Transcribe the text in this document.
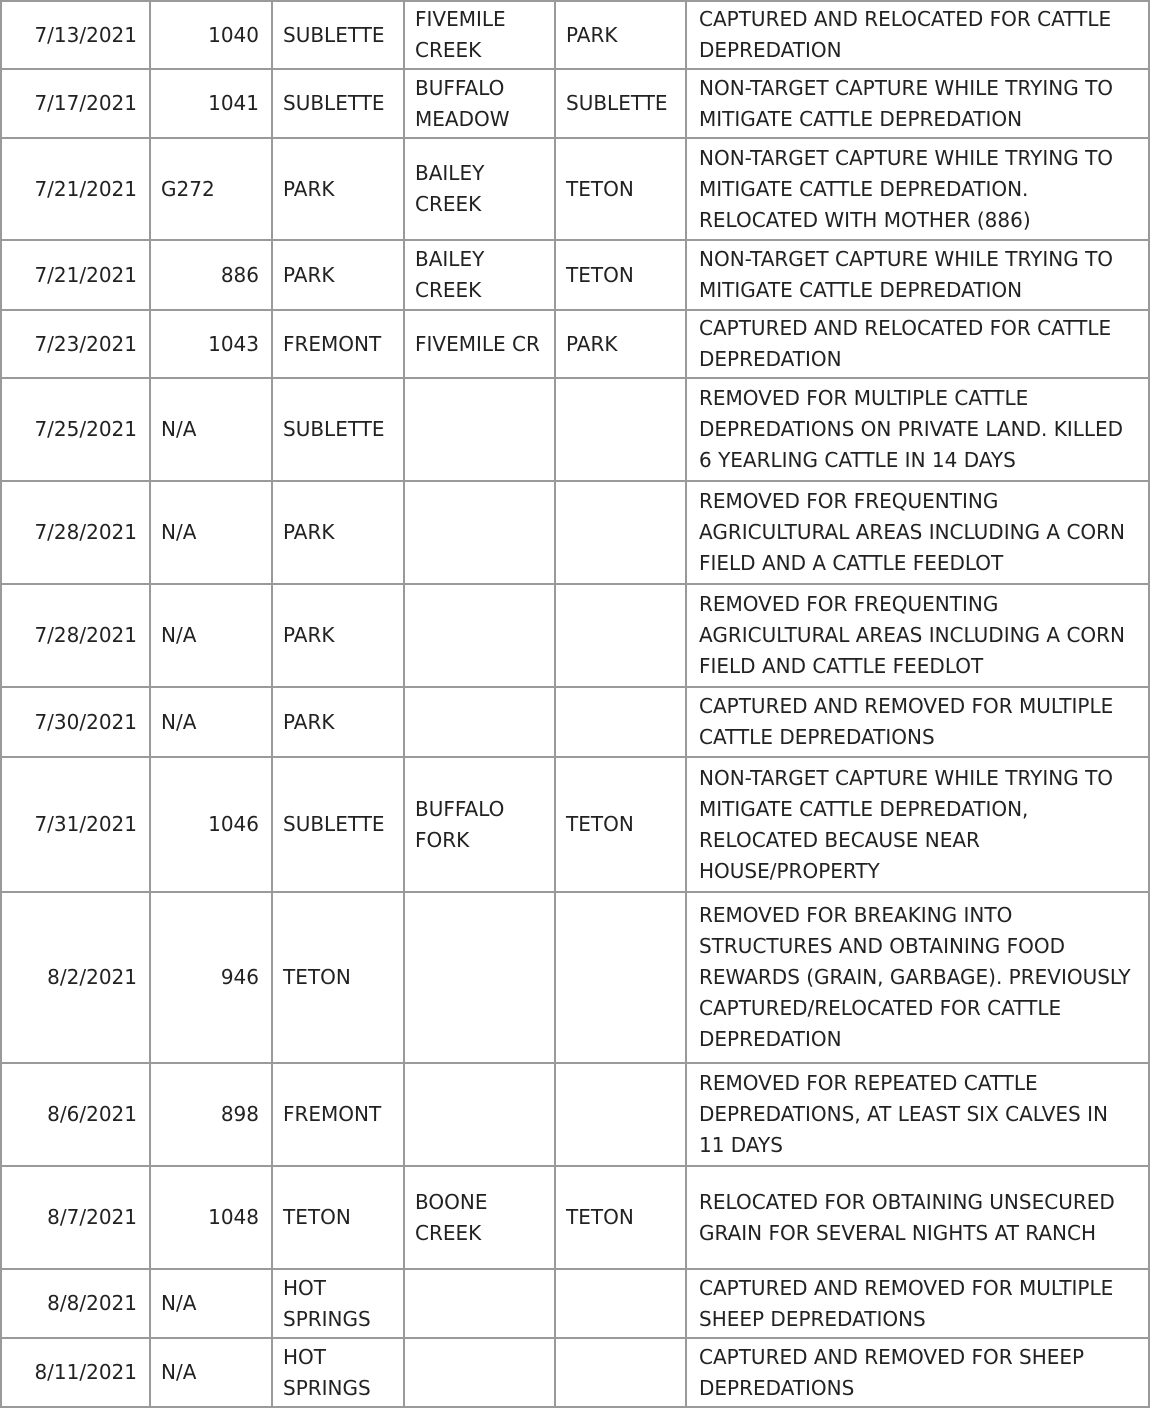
7/13/2021	1040	SUBLETTE	FIVEMILE CREEK	PARK	CAPTURED AND RELOCATED FOR CATTLE DEPREDATION
7/17/2021	1041	SUBLETTE	BUFFALO MEADOW	SUBLETTE	NON-TARGET CAPTURE WHILE TRYING TO MITIGATE CATTLE DEPREDATION
7/21/2021	G272	PARK	BAILEY CREEK	TETON	NON-TARGET CAPTURE WHILE TRYING TO MITIGATE CATTLE DEPREDATION. RELOCATED WITH MOTHER (886)
7/21/2021	886	PARK	BAILEY CREEK	TETON	NON-TARGET CAPTURE WHILE TRYING TO MITIGATE CATTLE DEPREDATION
7/23/2021	1043	FREMONT	FIVEMILE CR	PARK	CAPTURED AND RELOCATED FOR CATTLE DEPREDATION
7/25/2021	N/A	SUBLETTE			REMOVED FOR MULTIPLE CATTLE DEPREDATIONS ON PRIVATE LAND. KILLED 6 YEARLING CATTLE IN 14 DAYS
7/28/2021	N/A	PARK			REMOVED FOR FREQUENTING AGRICULTURAL AREAS INCLUDING A CORN FIELD AND A CATTLE FEEDLOT
7/28/2021	N/A	PARK			REMOVED FOR FREQUENTING AGRICULTURAL AREAS INCLUDING A CORN FIELD AND CATTLE FEEDLOT
7/30/2021	N/A	PARK			CAPTURED AND REMOVED FOR MULTIPLE CATTLE DEPREDATIONS
7/31/2021	1046	SUBLETTE	BUFFALO FORK	TETON	NON-TARGET CAPTURE WHILE TRYING TO MITIGATE CATTLE DEPREDATION, RELOCATED BECAUSE NEAR HOUSE/PROPERTY
8/2/2021	946	TETON			REMOVED FOR BREAKING INTO STRUCTURES AND OBTAINING FOOD REWARDS (GRAIN, GARBAGE). PREVIOUSLY CAPTURED/RELOCATED FOR CATTLE DEPREDATION
8/6/2021	898	FREMONT			REMOVED FOR REPEATED CATTLE DEPREDATIONS, AT LEAST SIX CALVES IN 11 DAYS
8/7/2021	1048	TETON	BOONE CREEK	TETON	RELOCATED FOR OBTAINING UNSECURED GRAIN FOR SEVERAL NIGHTS AT RANCH
8/8/2021	N/A	HOT SPRINGS			CAPTURED AND REMOVED FOR MULTIPLE SHEEP DEPREDATIONS
8/11/2021	N/A	HOT SPRINGS			CAPTURED AND REMOVED FOR SHEEP DEPREDATIONS
